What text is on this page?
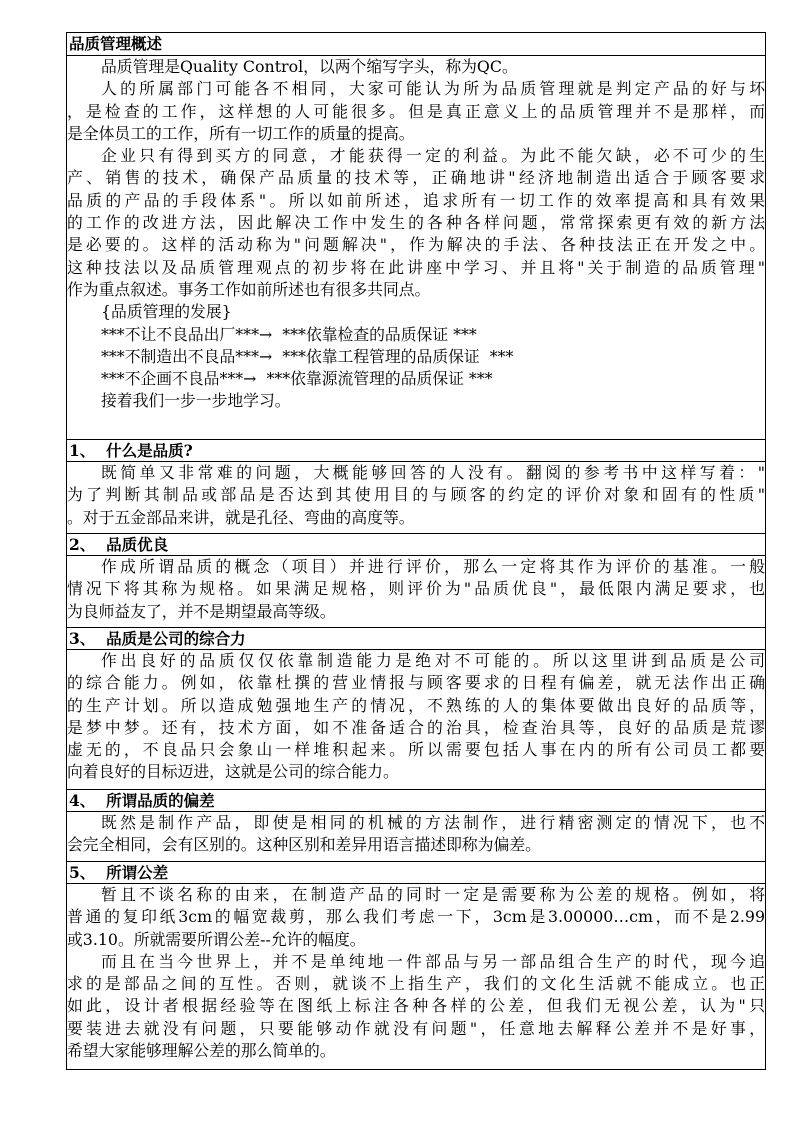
品质管理概述
品质管理是Quality Control，以两个缩写字头，称为QC。
人的所属部门可能各不相同，大家可能认为所为品质管理就是判定产品的好与坏
，是检查的工作，这样想的人可能很多。但是真正意义上的品质管理并不是那样，而
是全体员工的工作，所有一切工作的质量的提高。
企业只有得到买方的同意，才能获得一定的利益。为此不能欠缺，必不可少的生
产、销售的技术，确保产品质量的技术等，正确地讲"经济地制造出适合于顾客要求
品质的产品的手段体系"。所以如前所述，追求所有一切工作的效率提高和具有效果
的工作的改进方法，因此解决工作中发生的各种各样问题，常常探索更有效的新方法
是必要的。这样的活动称为"问题解决"，作为解决的手法、各种技法正在开发之中。
这种技法以及品质管理观点的初步将在此讲座中学习、并且将"关于制造的品质管理"
作为重点叙述。事务工作如前所述也有很多共同点。
{品质管理的发展}
***不让不良品出厂***→  ***依靠检查的品质保证 ***
***不制造出不良品***→  ***依靠工程管理的品质保证  ***
***不企画不良品***→  ***依靠源流管理的品质保证 ***
接着我们一步一步地学习。
1、  什么是品质?
既简单又非常难的问题，大概能够回答的人没有。翻阅的参考书中这样写着："
为了判断其制品或部品是否达到其使用目的与顾客的约定的评价对象和固有的性质"
。对于五金部品来讲，就是孔径、弯曲的高度等。
2、  品质优良
作成所谓品质的概念（项目）并进行评价，那么一定将其作为评价的基准。一般
情况下将其称为规格。如果满足规格，则评价为"品质优良"，最低限内满足要求，也
为良师益友了，并不是期望最高等级。
3、  品质是公司的综合力
作出良好的品质仅仅依靠制造能力是绝对不可能的。所以这里讲到品质是公司
的综合能力。例如，依靠杜撰的营业情报与顾客要求的日程有偏差，就无法作出正确
的生产计划。所以造成勉强地生产的情况，不熟练的人的集体要做出良好的品质等，
是梦中梦。还有，技术方面，如不准备适合的治具，检查治具等，良好的品质是荒谬
虚无的，不良品只会象山一样堆积起来。所以需要包括人事在内的所有公司员工都要
向着良好的目标迈进，这就是公司的综合能力。
4、  所谓品质的偏差
既然是制作产品，即使是相同的机械的方法制作，进行精密测定的情况下，也不
会完全相同，会有区别的。这种区别和差异用语言描述即称为偏差。
5、  所谓公差
暂且不谈名称的由来，在制造产品的同时一定是需要称为公差的规格。例如，将
普通的复印纸3cm的幅宽裁剪，那么我们考虑一下，3cm是3.00000…cm，而不是2.99
或3.10。所就需要所谓公差--允许的幅度。
而且在当今世界上，并不是单纯地一件部品与另一部品组合生产的时代，现今追
求的是部品之间的互性。否则，就谈不上指生产，我们的文化生活就不能成立。也正
如此，设计者根据经验等在图纸上标注各种各样的公差，但我们无视公差，认为"只
要装进去就没有问题，只要能够动作就没有问题"，任意地去解释公差并不是好事，
希望大家能够理解公差的那么简单的。
